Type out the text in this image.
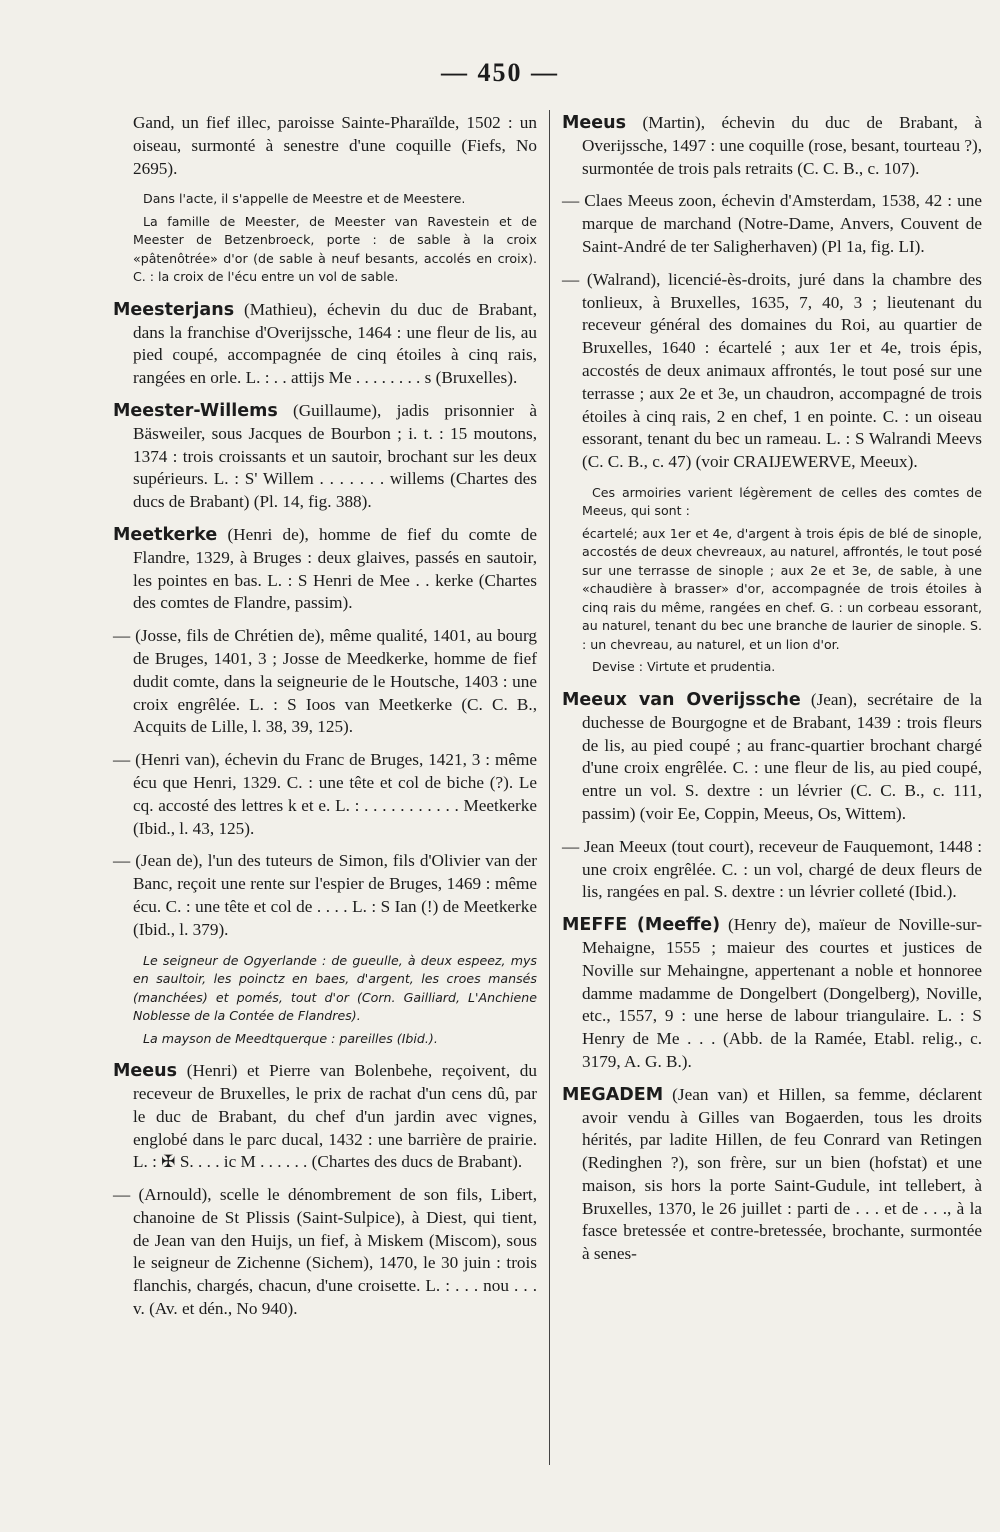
— 450 —

Gand, un fief illec, paroisse Sainte-Pharaïlde, 1502 : un oiseau, surmonté à senestre d'une coquille (Fiefs, No 2695).

Dans l'acte, il s'appelle de Meestre et de Meestere.

La famille de Meester, de Meester van Ravestein et de Meester de Betzenbroeck, porte : de sable à la croix «pâtenôtrée» d'or (de sable à neuf besants, accolés en croix). C. : la croix de l'écu entre un vol de sable.

Meesterjans (Mathieu), échevin du duc de Brabant, dans la franchise d'Overijssche, 1464 : une fleur de lis, au pied coupé, accompagnée de cinq étoiles à cinq rais, rangées en orle. L. : . . attijs Me . . . . . . . . s (Bruxelles).

Meester-Willems (Guillaume), jadis prisonnier à Bäsweiler, sous Jacques de Bourbon ; i. t. : 15 moutons, 1374 : trois croissants et un sautoir, brochant sur les deux supérieurs. L. : S' Willem . . . . . . . willems (Chartes des ducs de Brabant) (Pl. 14, fig. 388).

Meetkerke (Henri de), homme de fief du comte de Flandre, 1329, à Bruges : deux glaives, passés en sautoir, les pointes en bas. L. : S Henri de Mee . . kerke (Chartes des comtes de Flandre, passim).

— (Josse, fils de Chrétien de), même qualité, 1401, au bourg de Bruges, 1401, 3 ; Josse de Meedkerke, homme de fief dudit comte, dans la seigneurie de le Houtsche, 1403 : une croix engrêlée. L. : S Ioos van Meetkerke (C. C. B., Acquits de Lille, l. 38, 39, 125).

— (Henri van), échevin du Franc de Bruges, 1421, 3 : même écu que Henri, 1329. C. : une tête et col de biche (?). Le cq. accosté des lettres k et e. L. : . . . . . . . . . . . Meetkerke (Ibid., l. 43, 125).

— (Jean de), l'un des tuteurs de Simon, fils d'Olivier van der Banc, reçoit une rente sur l'espier de Bruges, 1469 : même écu. C. : une tête et col de . . . . L. : S Ian (!) de Meetkerke (Ibid., l. 379).

Le seigneur de Ogyerlande : de gueulle, à deux espeez, mys en saultoir, les poinctz en baes, d'argent, les croes mansés (manchées) et pomés, tout d'or (Corn. Gailliard, L'Anchiene Noblesse de la Contée de Flandres).

La mayson de Meedtquerque : pareilles (Ibid.).

Meeus (Henri) et Pierre van Bolenbehe, reçoivent, du receveur de Bruxelles, le prix de rachat d'un cens dû, par le duc de Brabant, du chef d'un jardin avec vignes, englobé dans le parc ducal, 1432 : une barrière de prairie. L. : ✠ S. . . . ic M . . . . . . (Chartes des ducs de Brabant).

— (Arnould), scelle le dénombrement de son fils, Libert, chanoine de St Plissis (Saint-Sulpice), à Diest, qui tient, de Jean van den Huijs, un fief, à Miskem (Miscom), sous le seigneur de Zichenne (Sichem), 1470, le 30 juin : trois flanchis, chargés, chacun, d'une croisette. L. : . . . nou . . . v. (Av. et dén., No 940).

Meeus (Martin), échevin du duc de Brabant, à Overijssche, 1497 : une coquille (rose, besant, tourteau ?), surmontée de trois pals retraits (C. C. B., c. 107).

— Claes Meeus zoon, échevin d'Amsterdam, 1538, 42 : une marque de marchand (Notre-Dame, Anvers, Couvent de Saint-André de ter Saligherhaven) (Pl 1a, fig. LI).

— (Walrand), licencié-ès-droits, juré dans la chambre des tonlieux, à Bruxelles, 1635, 7, 40, 3 ; lieutenant du receveur général des domaines du Roi, au quartier de Bruxelles, 1640 : écartelé ; aux 1er et 4e, trois épis, accostés de deux animaux affrontés, le tout posé sur une terrasse ; aux 2e et 3e, un chaudron, accompagné de trois étoiles à cinq rais, 2 en chef, 1 en pointe. C. : un oiseau essorant, tenant du bec un rameau. L. : S Walrandi Meevs (C. C. B., c. 47) (voir CRAIJEWERVE, Meeux).

Ces armoiries varient légèrement de celles des comtes de Meeus, qui sont :

écartelé; aux 1er et 4e, d'argent à trois épis de blé de sinople, accostés de deux chevreaux, au naturel, affrontés, le tout posé sur une terrasse de sinople ; aux 2e et 3e, de sable, à une «chaudière à brasser» d'or, accompagnée de trois étoiles à cinq rais du même, rangées en chef. G. : un corbeau essorant, au naturel, tenant du bec une branche de laurier de sinople. S. : un chevreau, au naturel, et un lion d'or.

Devise : Virtute et prudentia.

Meeux van Overijssche (Jean), secrétaire de la duchesse de Bourgogne et de Brabant, 1439 : trois fleurs de lis, au pied coupé ; au franc-quartier brochant chargé d'une croix engrêlée. C. : une fleur de lis, au pied coupé, entre un vol. S. dextre : un lévrier (C. C. B., c. 111, passim) (voir Ee, Coppin, Meeus, Os, Wittem).

— Jean Meeux (tout court), receveur de Fauquemont, 1448 : une croix engrêlée. C. : un vol, chargé de deux fleurs de lis, rangées en pal. S. dextre : un lévrier colleté (Ibid.).

MEFFE (Meeffe) (Henry de), maïeur de Noville-sur-Mehaigne, 1555 ; maieur des courtes et justices de Noville sur Mehaingne, appertenant a noble et honnoree damme madamme de Dongelbert (Dongelberg), Noville, etc., 1557, 9 : une herse de labour triangulaire. L. : S Henry de Me . . . (Abb. de la Ramée, Etabl. relig., c. 3179, A. G. B.).

MEGADEM (Jean van) et Hillen, sa femme, déclarent avoir vendu à Gilles van Bogaerden, tous les droits hérités, par ladite Hillen, de feu Conrard van Retingen (Redinghen ?), son frère, sur un bien (hofstat) et une maison, sis hors la porte Saint-Gudule, int tellebert, à Bruxelles, 1370, le 26 juillet : parti de . . . et de . . ., à la fasce bretessée et contre-bretessée, brochante, surmontée à senes-
